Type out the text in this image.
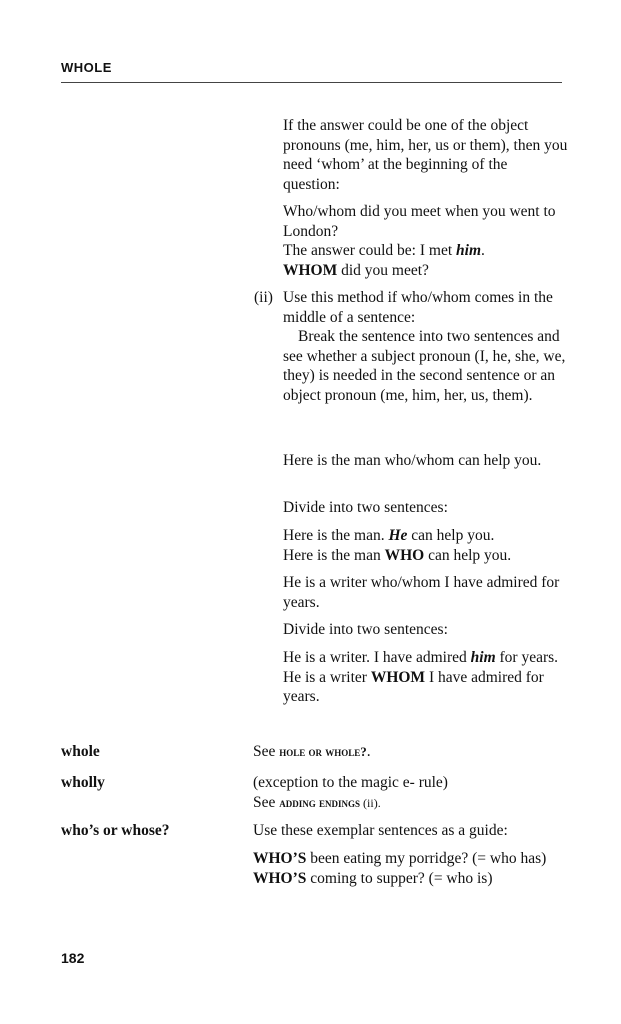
WHOLE

If the answer could be one of the object pronouns (me, him, her, us or them), then you need ‘whom’ at the beginning of the question:

Who/whom did you meet when you went to London?
The answer could be: I met him.
WHOM did you meet?

(ii) Use this method if who/whom comes in the middle of a sentence:

Break the sentence into two sentences and see whether a subject pronoun (I, he, she, we, they) is needed in the second sentence or an object pronoun (me, him, her, us, them).

Here is the man who/whom can help you.

Divide into two sentences:

Here is the man. He can help you.
Here is the man WHO can help you.

He is a writer who/whom I have admired for years.

Divide into two sentences:

He is a writer. I have admired him for years.
He is a writer WHOM I have admired for years.

whole	See hole or whole?.

wholly	(exception to the magic e- rule)
See adding endings (ii).

who’s or whose?	Use these exemplar sentences as a guide:

WHO’S been eating my porridge? (= who has)
WHO’S coming to supper? (= who is)

182
